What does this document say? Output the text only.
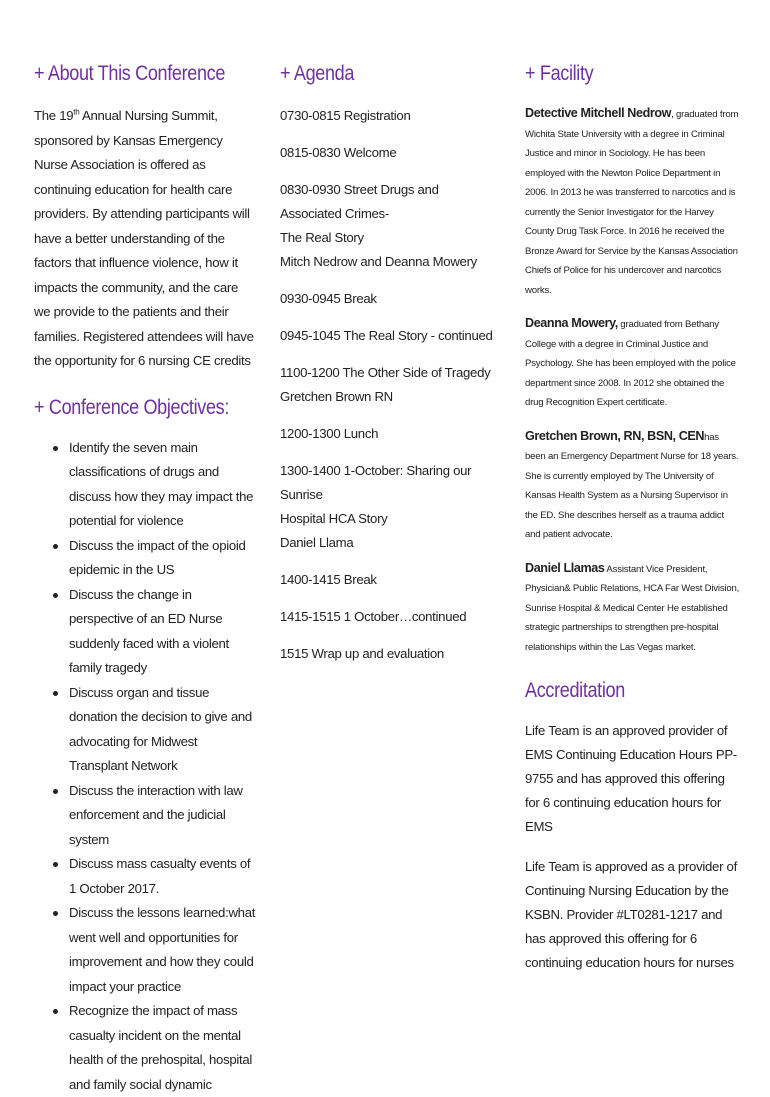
+ About This Conference

The 19th Annual Nursing Summit, sponsored by Kansas Emergency Nurse Association is offered as continuing education for health care providers. By attending participants will have a better understanding of the factors that influence violence, how it impacts the community, and the care we provide to the patients and their families. Registered attendees will have the opportunity for 6 nursing CE credits

+ Conference Objectives:
Identify the seven main classifications of drugs and discuss how they may impact the potential for violence
Discuss the impact of the opioid epidemic in the US
Discuss the change in perspective of an ED Nurse suddenly faced with a violent family tragedy
Discuss organ and tissue donation the decision to give and advocating for Midwest Transplant Network
Discuss the interaction with law enforcement and the judicial system
Discuss mass casualty events of 1 October 2017.
Discuss the lessons learned:what went well and opportunities for improvement and how they could impact your practice
Recognize the impact of mass casualty incident on the mental health of the prehospital, hospital and family social dynamic
+ Agenda
0730-0815 Registration
0815-0830 Welcome
0830-0930 Street Drugs and Associated Crimes-
The Real Story
Mitch Nedrow and Deanna Mowery
0930-0945 Break
0945-1045 The Real Story - continued
1100-1200 The Other Side of Tragedy
Gretchen Brown RN
1200-1300 Lunch
1300-1400 1-October: Sharing our Sunrise
Hospital HCA Story
Daniel Llama
1400-1415 Break
1415-1515 1 October…continued
1515 Wrap up and evaluation
+ Facility

Detective Mitchell Nedrow, graduated from Wichita State University with a degree in Criminal Justice and minor in Sociology. He has been employed with the Newton Police Department in 2006. In 2013 he was transferred to narcotics and is currently the Senior Investigator for the Harvey County Drug Task Force. In 2016 he received the Bronze Award for Service by the Kansas Association Chiefs of Police for his undercover and narcotics works.

Deanna Mowery, graduated from Bethany College with a degree in Criminal Justice and Psychology. She has been employed with the police department since 2008. In 2012 she obtained the drug Recognition Expert certificate.

Gretchen Brown, RN, BSN, CENhas been an Emergency Department Nurse for 18 years. She is currently employed by The University of Kansas Health System as a Nursing Supervisor in the ED. She describes herself as a trauma addict and patient advocate.

Daniel Llamas Assistant Vice President, Physician& Public Relations, HCA Far West Division, Sunrise Hospital & Medical Center He established strategic partnerships to strengthen pre-hospital relationships within the Las Vegas market.

Accreditation

Life Team is an approved provider of EMS Continuing Education Hours PP-9755 and has approved this offering for 6 continuing education hours for EMS

Life Team is approved as a provider of Continuing Nursing Education by the KSBN. Provider #LT0281-1217 and has approved this offering for 6 continuing education hours for nurses
